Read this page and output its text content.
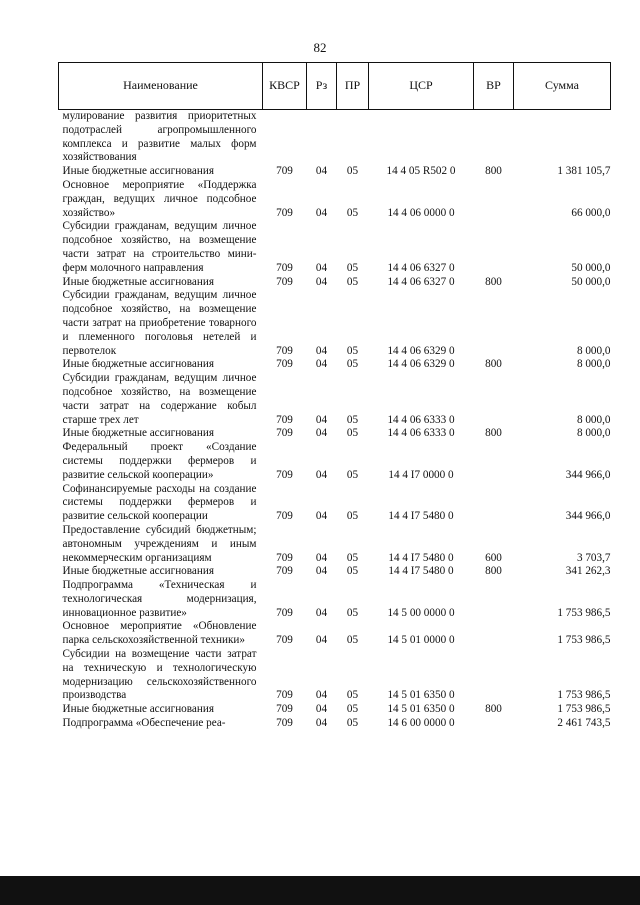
82
Наименование	КВСР	Рз	ПР	ЦСР	ВР	Сумма
мулирование развития приоритетных подотраслей агропромышленного комплекса и развитие малых форм хозяйствования						
Иные бюджетные ассигнования	709	04	05	14 4 05 R502 0	800	1 381 105,7
Основное мероприятие «Поддержка граждан, ведущих личное подсобное хозяйство»	709	04	05	14 4 06 0000 0		66 000,0
Субсидии гражданам, ведущим личное подсобное хозяйство, на возмещение части затрат на строительство мини-ферм молочного направления	709	04	05	14 4 06 6327 0		50 000,0
Иные бюджетные ассигнования	709	04	05	14 4 06 6327 0	800	50 000,0
Субсидии гражданам, ведущим личное подсобное хозяйство, на возмещение части затрат на приобретение товарного и племенного поголовья нетелей и первотелок	709	04	05	14 4 06 6329 0		8 000,0
Иные бюджетные ассигнования	709	04	05	14 4 06 6329 0	800	8 000,0
Субсидии гражданам, ведущим личное подсобное хозяйство, на возмещение части затрат на содержание кобыл старше трех лет	709	04	05	14 4 06 6333 0		8 000,0
Иные бюджетные ассигнования	709	04	05	14 4 06 6333 0	800	8 000,0
Федеральный проект «Создание системы поддержки фермеров и развитие сельской кооперации»	709	04	05	14 4 I7 0000 0		344 966,0
Софинансируемые расходы на создание системы поддержки фермеров и развитие сельской кооперации	709	04	05	14 4 I7 5480 0		344 966,0
Предоставление субсидий бюджетным; автономным учреждениям и иным некоммерческим организациям	709	04	05	14 4 I7 5480 0	600	3 703,7
Иные бюджетные ассигнования	709	04	05	14 4 I7 5480 0	800	341 262,3
Подпрограмма «Техническая и технологическая модернизация, инновационное развитие»	709	04	05	14 5 00 0000 0		1 753 986,5
Основное мероприятие «Обновление парка сельскохозяйственной техники»	709	04	05	14 5 01 0000 0		1 753 986,5
Субсидии на возмещение части затрат на техническую и технологическую модернизацию сельскохозяйственного производства	709	04	05	14 5 01 6350 0		1 753 986,5
Иные бюджетные ассигнования	709	04	05	14 5 01 6350 0	800	1 753 986,5
Подпрограмма «Обеспечение реа-	709	04	05	14 6 00 0000 0		2 461 743,5
